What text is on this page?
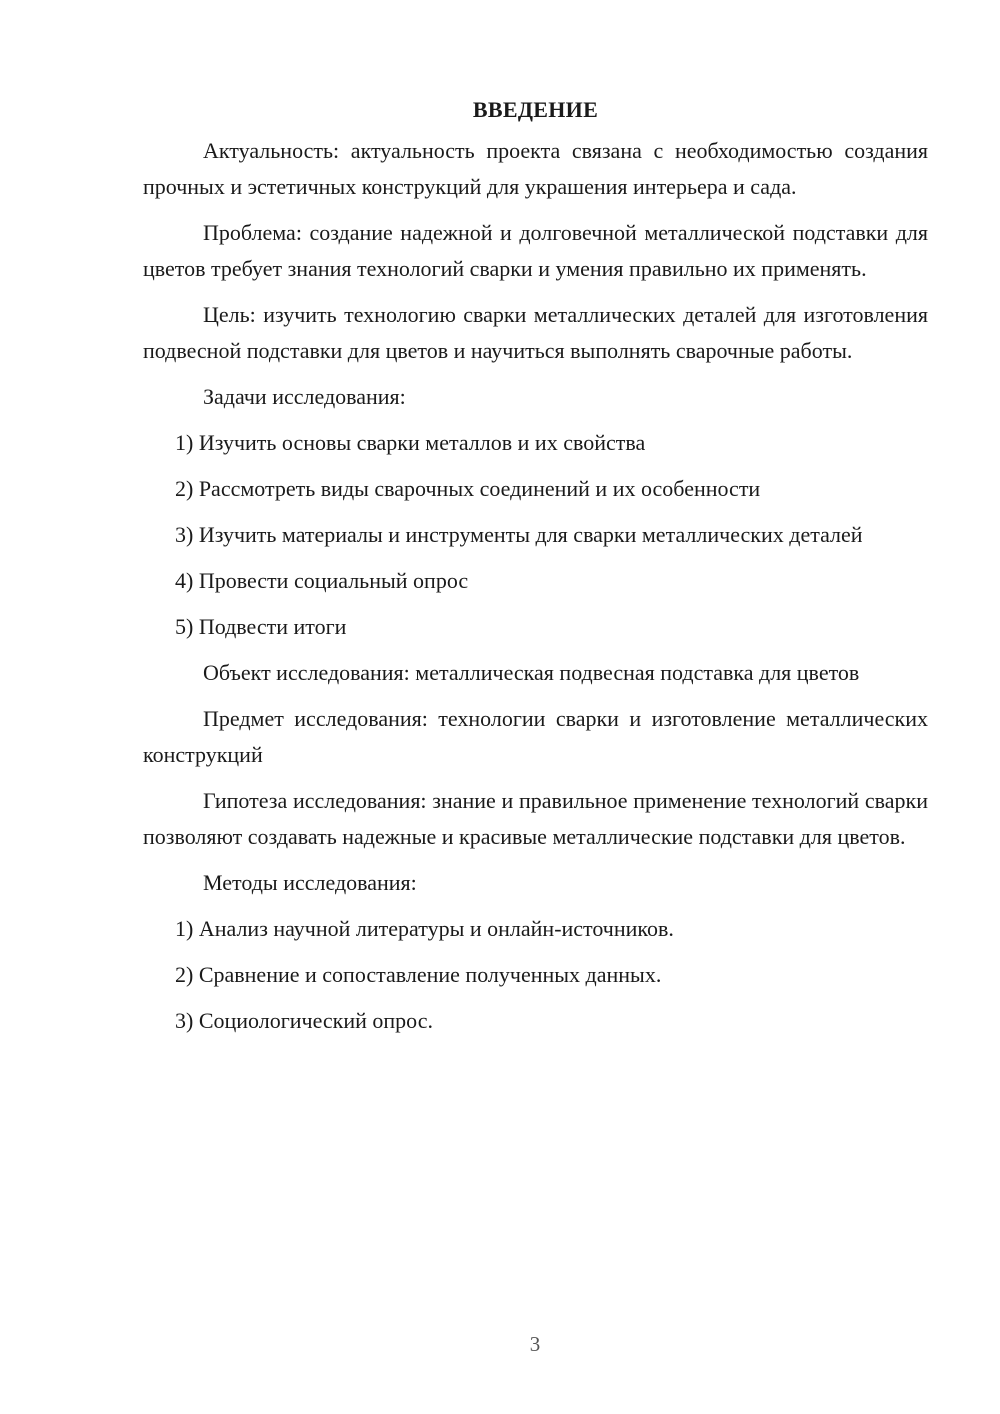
ВВЕДЕНИЕ

Актуальность: актуальность проекта связана с необходимостью создания прочных и эстетичных конструкций для украшения интерьера и сада.

Проблема: создание надежной и долговечной металлической подставки для цветов требует знания технологий сварки и умения правильно их применять.

Цель: изучить технологию сварки металлических деталей для изготовления подвесной подставки для цветов и научиться выполнять сварочные работы.

Задачи исследования:

1) Изучить основы сварки металлов и их свойства

2) Рассмотреть виды сварочных соединений и их особенности

3) Изучить материалы и инструменты для сварки металлических деталей

4) Провести социальный опрос

5) Подвести итоги

Объект исследования: металлическая подвесная подставка для цветов

Предмет исследования: технологии сварки и изготовление металлических конструкций

Гипотеза исследования: знание и правильное применение технологий сварки позволяют создавать надежные и красивые металлические подставки для цветов.

Методы исследования:

1) Анализ научной литературы и онлайн-источников.

2) Сравнение и сопоставление полученных данных.

3) Социологический опрос.

3
